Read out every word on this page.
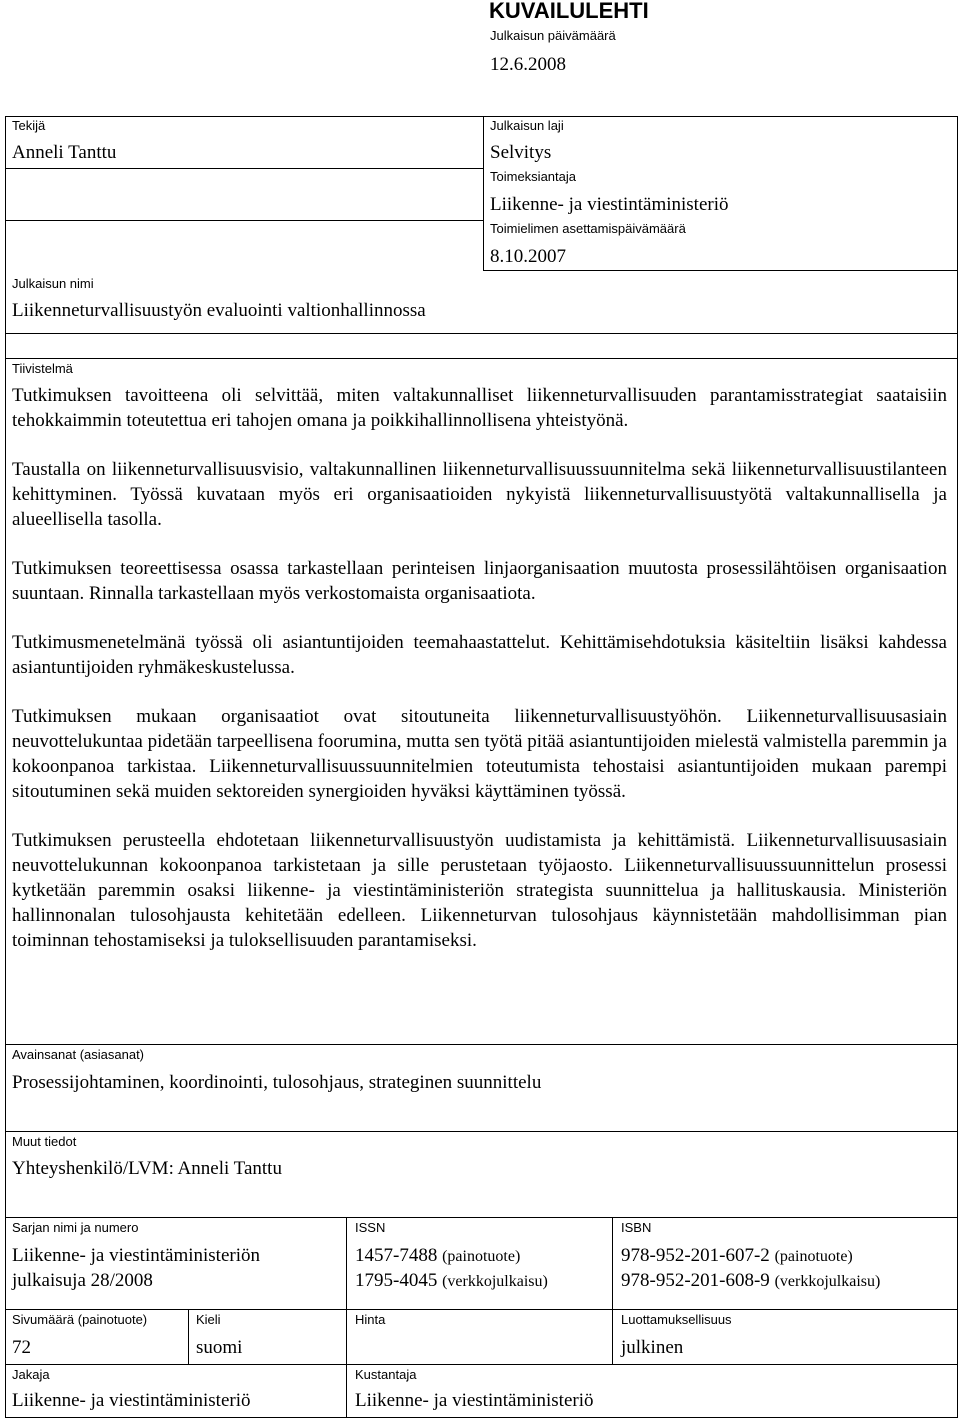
KUVAILULEHTI
Julkaisun päivämäärä
12.6.2008
Tekijä
Anneli Tanttu
Julkaisun laji
Selvitys
Toimeksiantaja
Liikenne- ja viestintäministeriö
Toimielimen asettamispäivämäärä
8.10.2007
Julkaisun nimi
Liikenneturvallisuustyön evaluointi valtionhallinnossa
Tiivistelmä

Tutkimuksen tavoitteena oli selvittää, miten valtakunnalliset liikenneturvallisuuden parantamisstrategiat saataisiin tehokkaimmin toteutettua eri tahojen omana ja poikkihallinnollisena yhteistyönä.

Taustalla on liikenneturvallisuusvisio, valtakunnallinen liikenneturvallisuussuunnitelma sekä liikenneturvallisuustilanteen kehittyminen. Työssä kuvataan myös eri organisaatioiden nykyistä liikenneturvallisuustyötä valtakunnallisella ja alueellisella tasolla.

Tutkimuksen teoreettisessa osassa tarkastellaan perinteisen linjaorganisaation muutosta prosessilähtöisen organisaation suuntaan. Rinnalla tarkastellaan myös verkostomaista organisaatiota.

Tutkimusmenetelmänä työssä oli asiantuntijoiden teemahaastattelut. Kehittämisehdotuksia käsiteltiin lisäksi kahdessa asiantuntijoiden ryhmäkeskustelussa.

Tutkimuksen mukaan organisaatiot ovat sitoutuneita liikenneturvallisuustyöhön. Liikenneturvallisuusasiain neuvottelukuntaa pidetään tarpeellisena foorumina, mutta sen työtä pitää asiantuntijoiden mielestä valmistella paremmin ja kokoonpanoa tarkistaa. Liikenneturvallisuussuunnitelmien toteutumista tehostaisi asiantuntijoiden mukaan parempi sitoutuminen sekä muiden sektoreiden synergioiden hyväksi käyttäminen työssä.

Tutkimuksen perusteella ehdotetaan liikenneturvallisuustyön uudistamista ja kehittämistä. Liikenneturvallisuusasiain neuvottelukunnan kokoonpanoa tarkistetaan ja sille perustetaan työjaosto. Liikenneturvallisuussuunnittelun prosessi kytketään paremmin osaksi liikenne- ja viestintäministeriön strategista suunnittelua ja hallituskausia. Ministeriön hallinnonalan tulosohjausta kehitetään edelleen. Liikenneturvan tulosohjaus käynnistetään mahdollisimman pian toiminnan tehostamiseksi ja tuloksellisuuden parantamiseksi.

Avainsanat (asiasanat)
Prosessijohtaminen, koordinointi, tulosohjaus, strateginen suunnittelu
Muut tiedot
Yhteyshenkilö/LVM: Anneli Tanttu
Sarjan nimi ja numero
Liikenne- ja viestintäministeriön
julkaisuja 28/2008
ISSN
1457-7488 (painotuote)
1795-4045 (verkkojulkaisu)
ISBN
978-952-201-607-2 (painotuote)
978-952-201-608-9 (verkkojulkaisu)
Sivumäärä (painotuote)
72
Kieli
suomi
Hinta	Luottamuksellisuus
julkinen
Jakaja
Liikenne- ja viestintäministeriö
Kustantaja
Liikenne- ja viestintäministeriö
